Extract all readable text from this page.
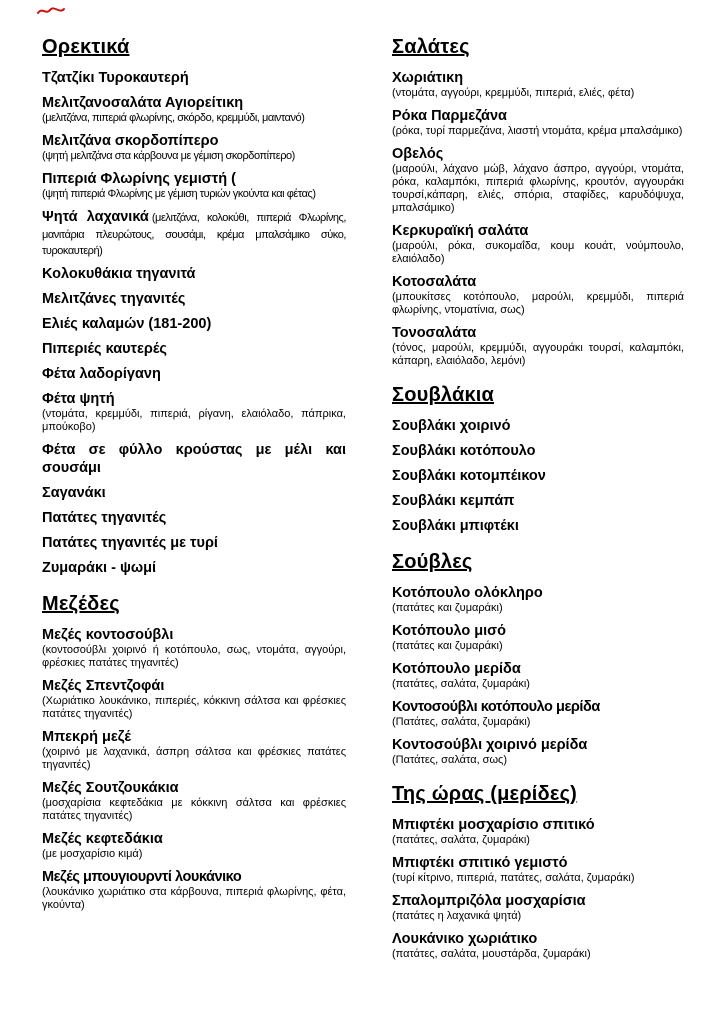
Ορεκτικά
Τζατζίκι Τυροκαυτερή
Μελιτζανοσαλάτα Αγιορείτικη
(μελιτζάνα, πιπεριά φλωρίνης, σκόρδο, κρεμμύδι, μαιντανό)
Μελιτζάνα σκορδοπίπερο
(ψητή μελιτζάνα στα κάρβουνα με γέμιση σκορδοπίπερο)
Πιπεριά Φλωρίνης γεμιστή (
(ψητή πιπεριά Φλωρίνης με γέμιση τυριών γκούντα και φέτας)
Ψητά λαχανικά (μελιτζάνα, κολοκύθι, πιπεριά Φλωρίνης, μανιτάρια πλευρώτους, σουσάμι, κρέμα μπαλσάμικο σύκο, τυροκαυτερή)
Κολοκυθάκια τηγανιτά
Μελιτζάνες τηγανιτές
Ελιές καλαμών (181-200)
Πιπεριές καυτερές
Φέτα λαδορίγανη
Φέτα ψητή
(ντομάτα, κρεμμύδι, πιπεριά, ρίγανη, ελαιόλαδο, πάπρικα, μπούκοβο)
Φέτα σε φύλλο κρούστας με μέλι και σουσάμι
Σαγανάκι
Πατάτες τηγανιτές
Πατάτες τηγανιτές με τυρί
Ζυμαράκι - ψωμί
Μεζέδες
Μεζές κοντοσούβλι
(κοντοσούβλι χοιρινό ή κοτόπουλο, σως, ντομάτα, αγγούρι, φρέσκιες πατάτες τηγανιτές)
Μεζές Σπεντζοφάι
(Χωριάτικο λουκάνικο, πιπεριές, κόκκινη σάλτσα και φρέσκιες πατάτες τηγανιτές)
Μπεκρή μεζέ
(χοιρινό με λαχανικά, άσπρη σάλτσα και φρέσκιες πατάτες τηγανιτές)
Μεζές Σουτζουκάκια
(μοσχαρίσια κεφτεδάκια με κόκκινη σάλτσα και φρέσκιες πατάτες τηγανιτές)
Μεζές κεφτεδάκια
(με μοσχαρίσιο κιμά)
Μεζές μπουγιουρντί λουκάνικο
(λουκάνικο χωριάτικο στα κάρβουνα, πιπεριά φλωρίνης, φέτα, γκούντα)
Σαλάτες
Χωριάτικη
(ντομάτα, αγγούρι, κρεμμύδι, πιπεριά, ελιές, φέτα)
Ρόκα Παρμεζάνα
(ρόκα, τυρί παρμεζάνα, λιαστή ντομάτα, κρέμα μπαλσάμικο)
Οβελός
(μαρούλι, λάχανο μώβ, λάχανο άσπρο, αγγούρι, ντομάτα, ρόκα, καλαμπόκι, πιπεριά φλωρίνης, κρουτόν, αγγουράκι τουρσί,κάπαρη, ελιές, σπόρια, σταφίδες, καρυδόψυχα, μπαλσάμικο)
Κερκυραϊκή σαλάτα
(μαρούλι, ρόκα, συκομαΐδα, κουμ κουάτ, νούμπουλο, ελαιόλαδο)
Κοτοσαλάτα
(μπουκίτσες κοτόπουλο, μαρούλι, κρεμμύδι, πιπεριά φλωρίνης, ντοματίνια, σως)
Τονοσαλάτα
(τόνος, μαρούλι, κρεμμύδι, αγγουράκι τουρσί, καλαμπόκι, κάπαρη, ελαιόλαδο, λεμόνι)
Σουβλάκια
Σουβλάκι χοιρινό
Σουβλάκι κοτόπουλο
Σουβλάκι κοτομπέικον
Σουβλάκι κεμπάπ
Σουβλάκι μπιφτέκι
Σούβλες
Κοτόπουλο ολόκληρο
(πατάτες και ζυμαράκι)
Κοτόπουλο μισό
(πατάτες και ζυμαράκι)
Κοτόπουλο μερίδα
(πατάτες, σαλάτα, ζυμαράκι)
Κοντοσούβλι κοτόπουλο μερίδα
(Πατάτες, σαλάτα, ζυμαράκι)
Κοντοσούβλι χοιρινό μερίδα
(Πατάτες, σαλάτα, σως)
Της ώρας (μερίδες)
Μπιφτέκι μοσχαρίσιο σπιτικό
(πατάτες, σαλάτα, ζυμαράκι)
Μπιφτέκι σπιτικό γεμιστό
(τυρί κίτρινο, πιπεριά, πατάτες, σαλάτα, ζυμαράκι)
Σπαλομπριζόλα μοσχαρίσια
(πατάτες η λαχανικά ψητά)
Λουκάνικο χωριάτικο
(πατάτες, σαλάτα, μουστάρδα, ζυμαράκι)
